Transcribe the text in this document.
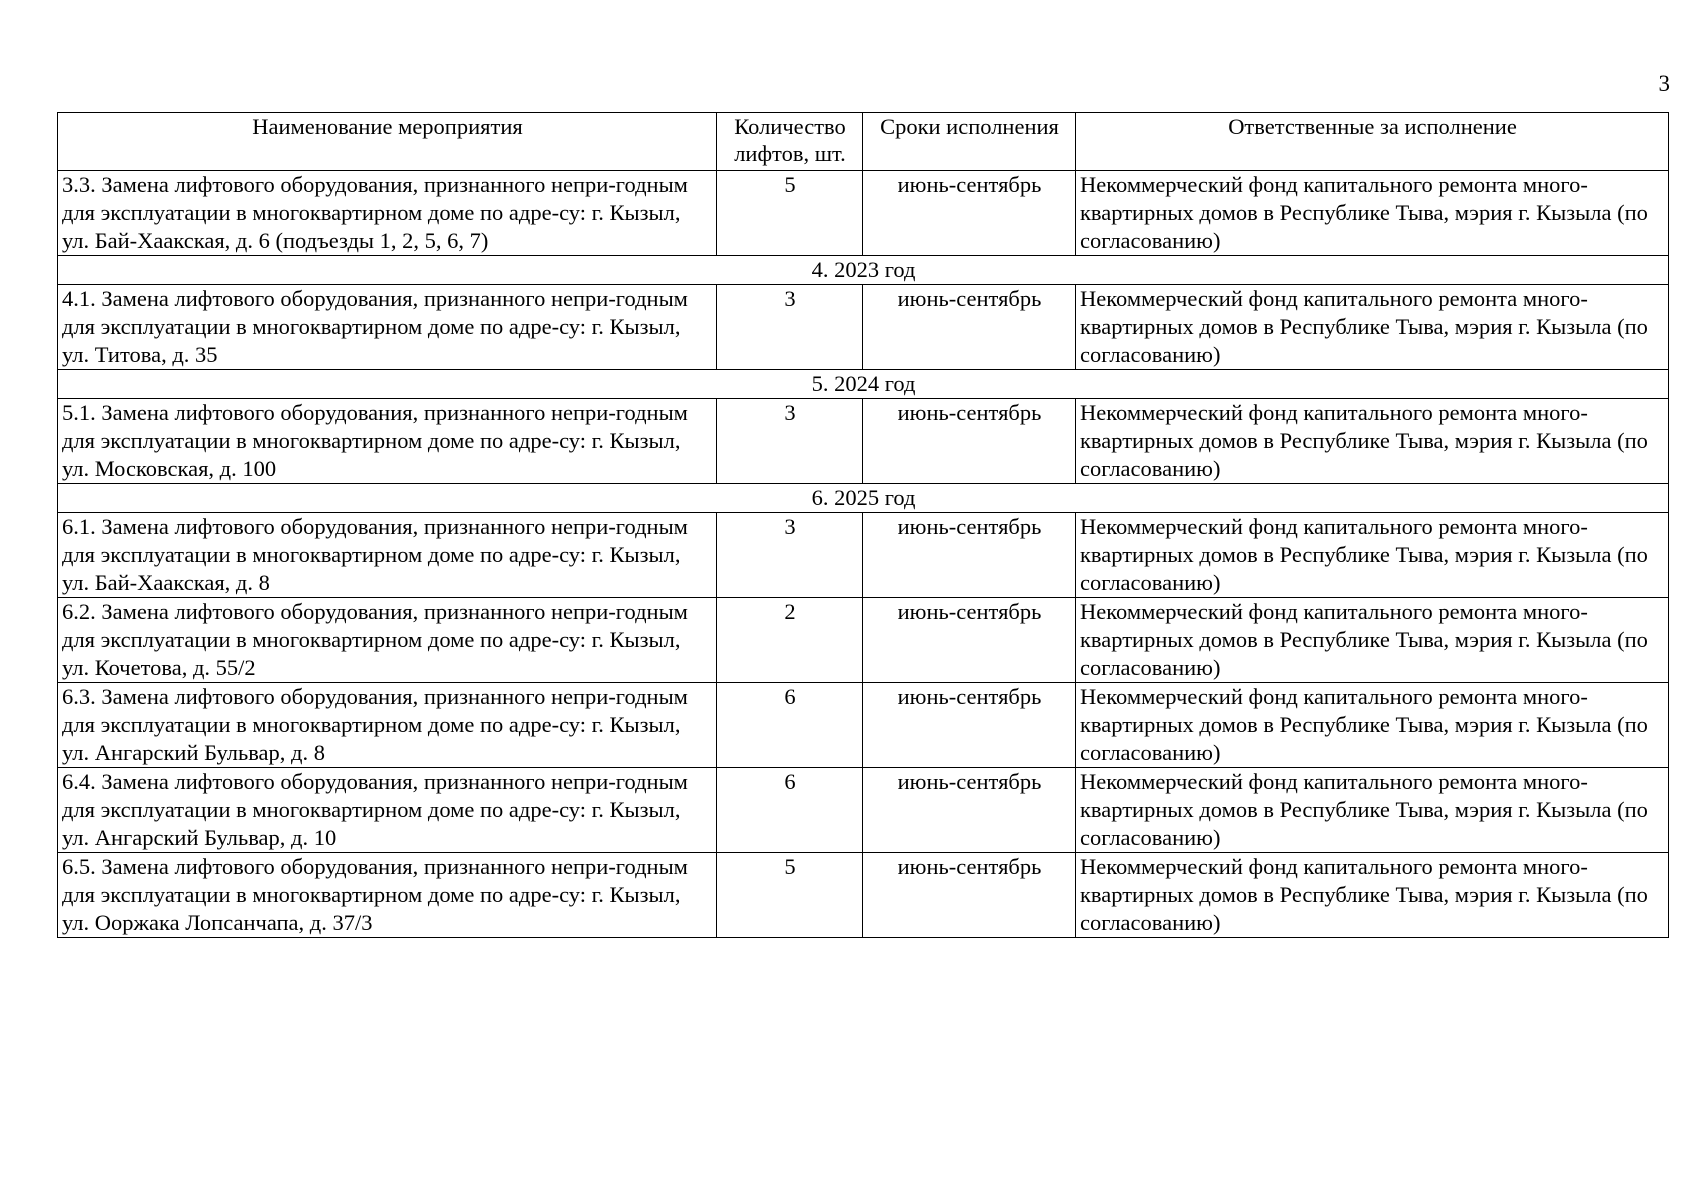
3
Наименование мероприятия	Количество лифтов, шт.	Сроки исполнения	Ответственные за исполнение
3.3. Замена лифтового оборудования, признанного непри-годным для эксплуатации в многоквартирном доме по адре-су: г. Кызыл, ул. Бай-Хаакская, д. 6 (подъезды 1, 2, 5, 6, 7)	5	июнь-сентябрь	Некоммерческий фонд капитального ремонта много-квартирных домов в Республике Тыва, мэрия г. Кызыла (по согласованию)
4. 2023 год			
4.1. Замена лифтового оборудования, признанного непри-годным для эксплуатации в многоквартирном доме по адре-су: г. Кызыл, ул. Титова, д. 35	3	июнь-сентябрь	Некоммерческий фонд капитального ремонта много-квартирных домов в Республике Тыва, мэрия г. Кызыла (по согласованию)
5. 2024 год			
5.1. Замена лифтового оборудования, признанного непри-годным для эксплуатации в многоквартирном доме по адре-су: г. Кызыл, ул. Московская, д. 100	3	июнь-сентябрь	Некоммерческий фонд капитального ремонта много-квартирных домов в Республике Тыва, мэрия г. Кызыла (по согласованию)
6. 2025 год			
6.1. Замена лифтового оборудования, признанного непри-годным для эксплуатации в многоквартирном доме по адре-су: г. Кызыл, ул. Бай-Хаакская, д. 8	3	июнь-сентябрь	Некоммерческий фонд капитального ремонта много-квартирных домов в Республике Тыва, мэрия г. Кызыла (по согласованию)
6.2. Замена лифтового оборудования, признанного непри-годным для эксплуатации в многоквартирном доме по адре-су: г. Кызыл, ул. Кочетова, д. 55/2	2	июнь-сентябрь	Некоммерческий фонд капитального ремонта много-квартирных домов в Республике Тыва, мэрия г. Кызыла (по согласованию)
6.3. Замена лифтового оборудования, признанного непри-годным для эксплуатации в многоквартирном доме по адре-су: г. Кызыл, ул. Ангарский Бульвар, д. 8	6	июнь-сентябрь	Некоммерческий фонд капитального ремонта много-квартирных домов в Республике Тыва, мэрия г. Кызыла (по согласованию)
6.4. Замена лифтового оборудования, признанного непри-годным для эксплуатации в многоквартирном доме по адре-су: г. Кызыл, ул. Ангарский Бульвар, д. 10	6	июнь-сентябрь	Некоммерческий фонд капитального ремонта много-квартирных домов в Республике Тыва, мэрия г. Кызыла (по согласованию)
6.5. Замена лифтового оборудования, признанного непри-годным для эксплуатации в многоквартирном доме по адре-су: г. Кызыл, ул. Ооржака Лопсанчапа, д. 37/3	5	июнь-сентябрь	Некоммерческий фонд капитального ремонта много-квартирных домов в Республике Тыва, мэрия г. Кызыла (по согласованию)
